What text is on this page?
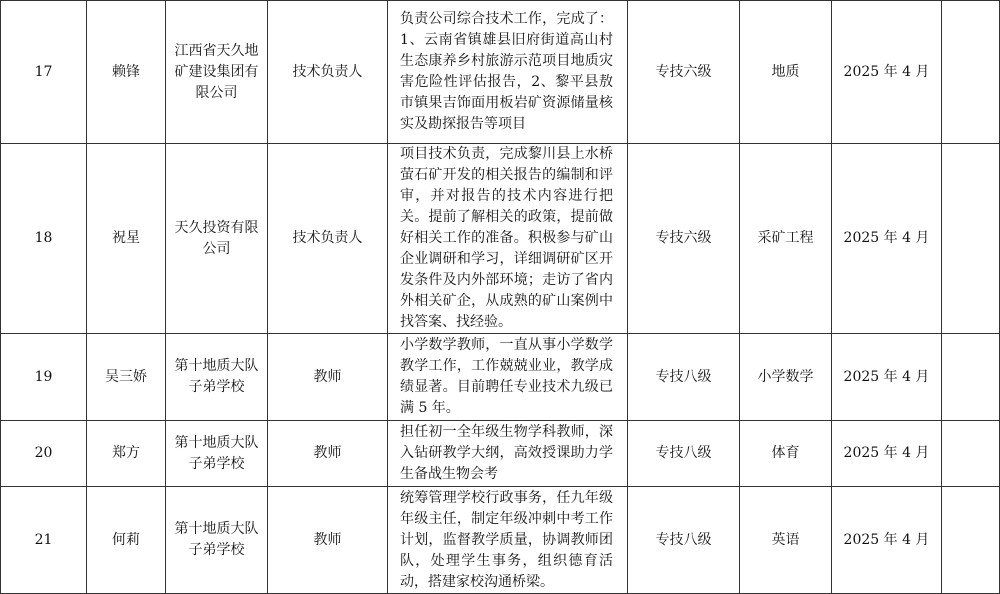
17	赖锋	江西省天久地矿建设集团有限公司	技术负责人	负责公司综合技术工作，完成了：1、云南省镇雄县旧府街道高山村生态康养乡村旅游示范项目地质灾害危险性评估报告，2、黎平县敖市镇果吉饰面用板岩矿资源储量核实及勘探报告等项目	专技六级	地质	2025 年 4 月	
18	祝星	天久投资有限公司	技术负责人	项目技术负责，完成黎川县上水桥萤石矿开发的相关报告的编制和评审，并对报告的技术内容进行把关。提前了解相关的政策，提前做好相关工作的准备。积极参与矿山企业调研和学习，详细调研矿区开发条件及内外部环境；走访了省内外相关矿企，从成熟的矿山案例中找答案、找经验。	专技六级	采矿工程	2025 年 4 月	
19	吴三娇	第十地质大队子弟学校	教师	小学数学教师，一直从事小学数学教学工作，工作兢兢业业，教学成绩显著。目前聘任专业技术九级已满 5 年。	专技八级	小学数学	2025 年 4 月	
20	郑方	第十地质大队子弟学校	教师	担任初一全年级生物学科教师，深入钻研教学大纲，高效授课助力学生备战生物会考	专技八级	体育	2025 年 4 月	
21	何莉	第十地质大队子弟学校	教师	统筹管理学校行政事务，任九年级年级主任，制定年级冲刺中考工作计划，监督教学质量，协调教师团队，处理学生事务，组织德育活动，搭建家校沟通桥梁。	专技八级	英语	2025 年 4 月	
